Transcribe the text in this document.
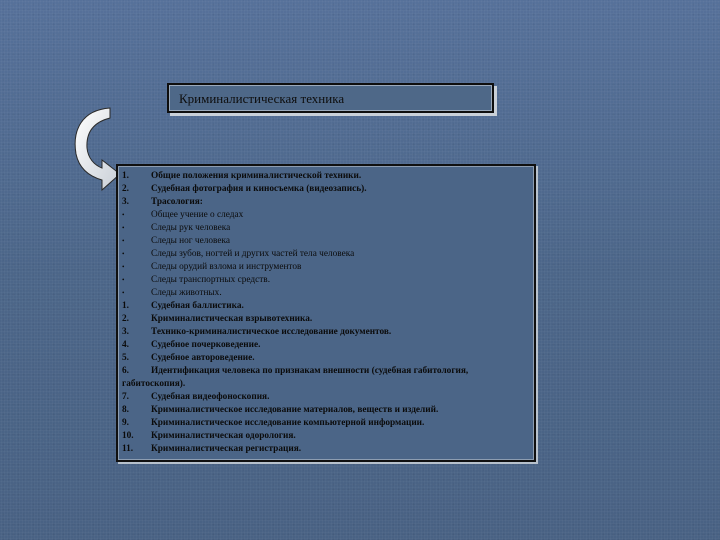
Криминалистическая техника
1.	Общие положения криминалистической техники.
2.	Судебная фотография и киносъемка (видеозапись).
3.	Трасология:
•	Общее учение о следах
•	Следы рук человека
•	Следы ног человека
•	Следы зубов, ногтей и других частей тела человека
•	Следы орудий взлома и инструментов
•	Следы транспортных средств.
•	Следы животных.
1.	Судебная баллистика.
2.	Криминалистическая взрывотехника.
3.	Технико-криминалистическое исследование документов.
4.	Судебное почерковедение.
5.	Судебное автороведение.
6. Идентификация человека по признакам внешности (судебная габитология, габитоскопия).
7.	Судебная видеофоноскопия.
8.	Криминалистическое исследование материалов, веществ и изделий.
9.	Криминалистическое исследование компьютерной информации.
10.	Криминалистическая одорология.
11.	Криминалистическая регистрация.
